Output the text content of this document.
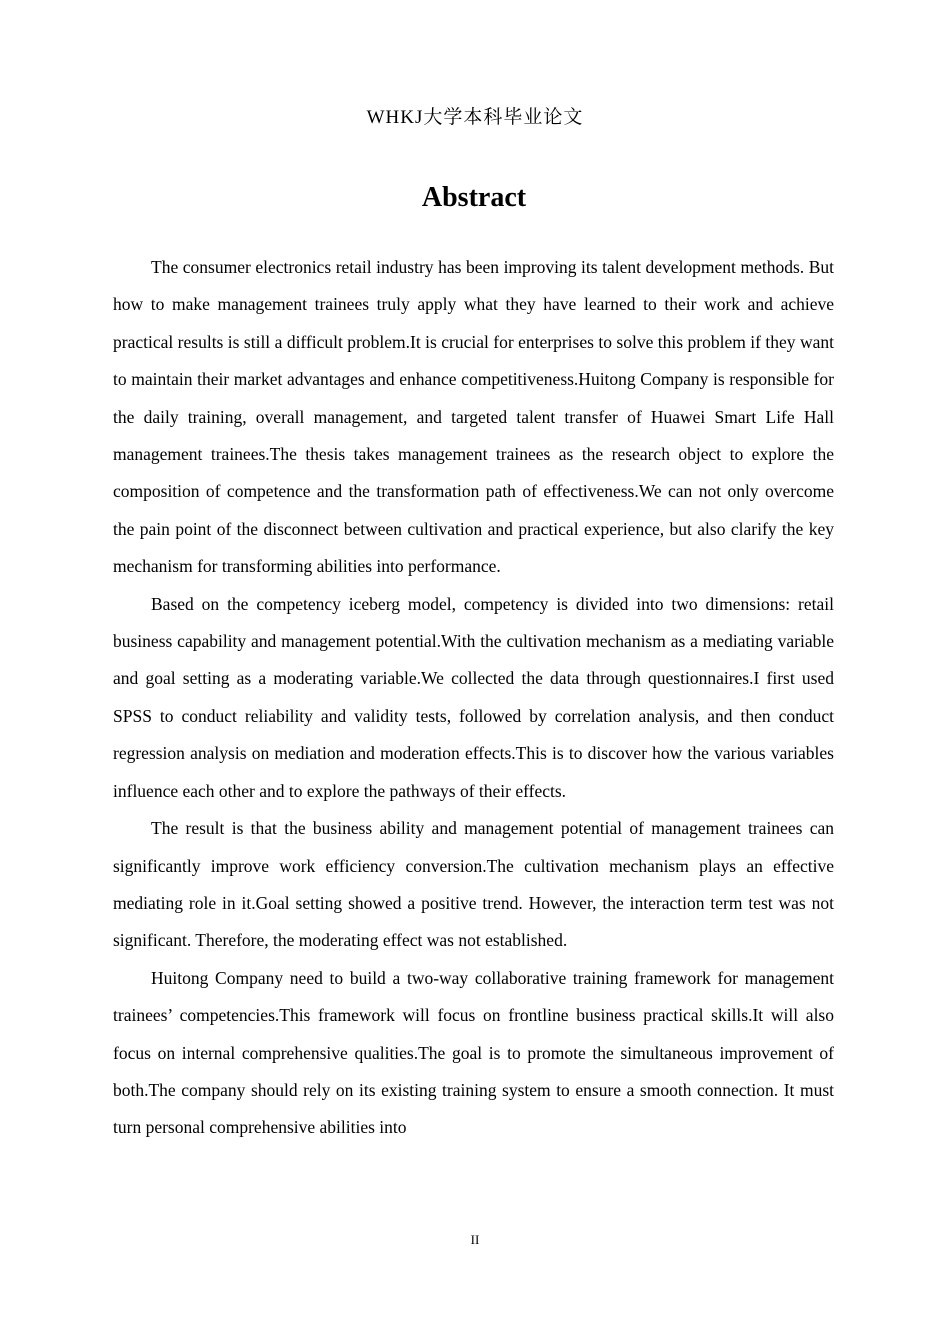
WHKJ大学本科毕业论文
Abstract

The consumer electronics retail industry has been improving its talent development methods. But how to make management trainees truly apply what they have learned to their work and achieve practical results is still a difficult problem.It is crucial for enterprises to solve this problem if they want to maintain their market advantages and enhance competitiveness.Huitong Company is responsible for the daily training, overall management, and targeted talent transfer of Huawei Smart Life Hall management trainees.The thesis takes management trainees as the research object to explore the composition of competence and the transformation path of effectiveness.We can not only overcome the pain point of the disconnect between cultivation and practical experience, but also clarify the key mechanism for transforming abilities into performance.

Based on the competency iceberg model, competency is divided into two dimensions: retail business capability and management potential.With the cultivation mechanism as a mediating variable and goal setting as a moderating variable.We collected the data through questionnaires.I first used SPSS to conduct reliability and validity tests, followed by correlation analysis, and then conduct regression analysis on mediation and moderation effects.This is to discover how the various variables influence each other and to explore the pathways of their effects.

The result is that the business ability and management potential of management trainees can significantly improve work efficiency conversion.The cultivation mechanism plays an effective mediating role in it.Goal setting showed a positive trend. However, the interaction term test was not significant. Therefore, the moderating effect was not established.

Huitong Company need to build a two-way collaborative training framework for management trainees’ competencies.This framework will focus on frontline business practical skills.It will also focus on internal comprehensive qualities.The goal is to promote the simultaneous improvement of both.The company should rely on its existing training system to ensure a smooth connection. It must turn personal comprehensive abilities into

II
